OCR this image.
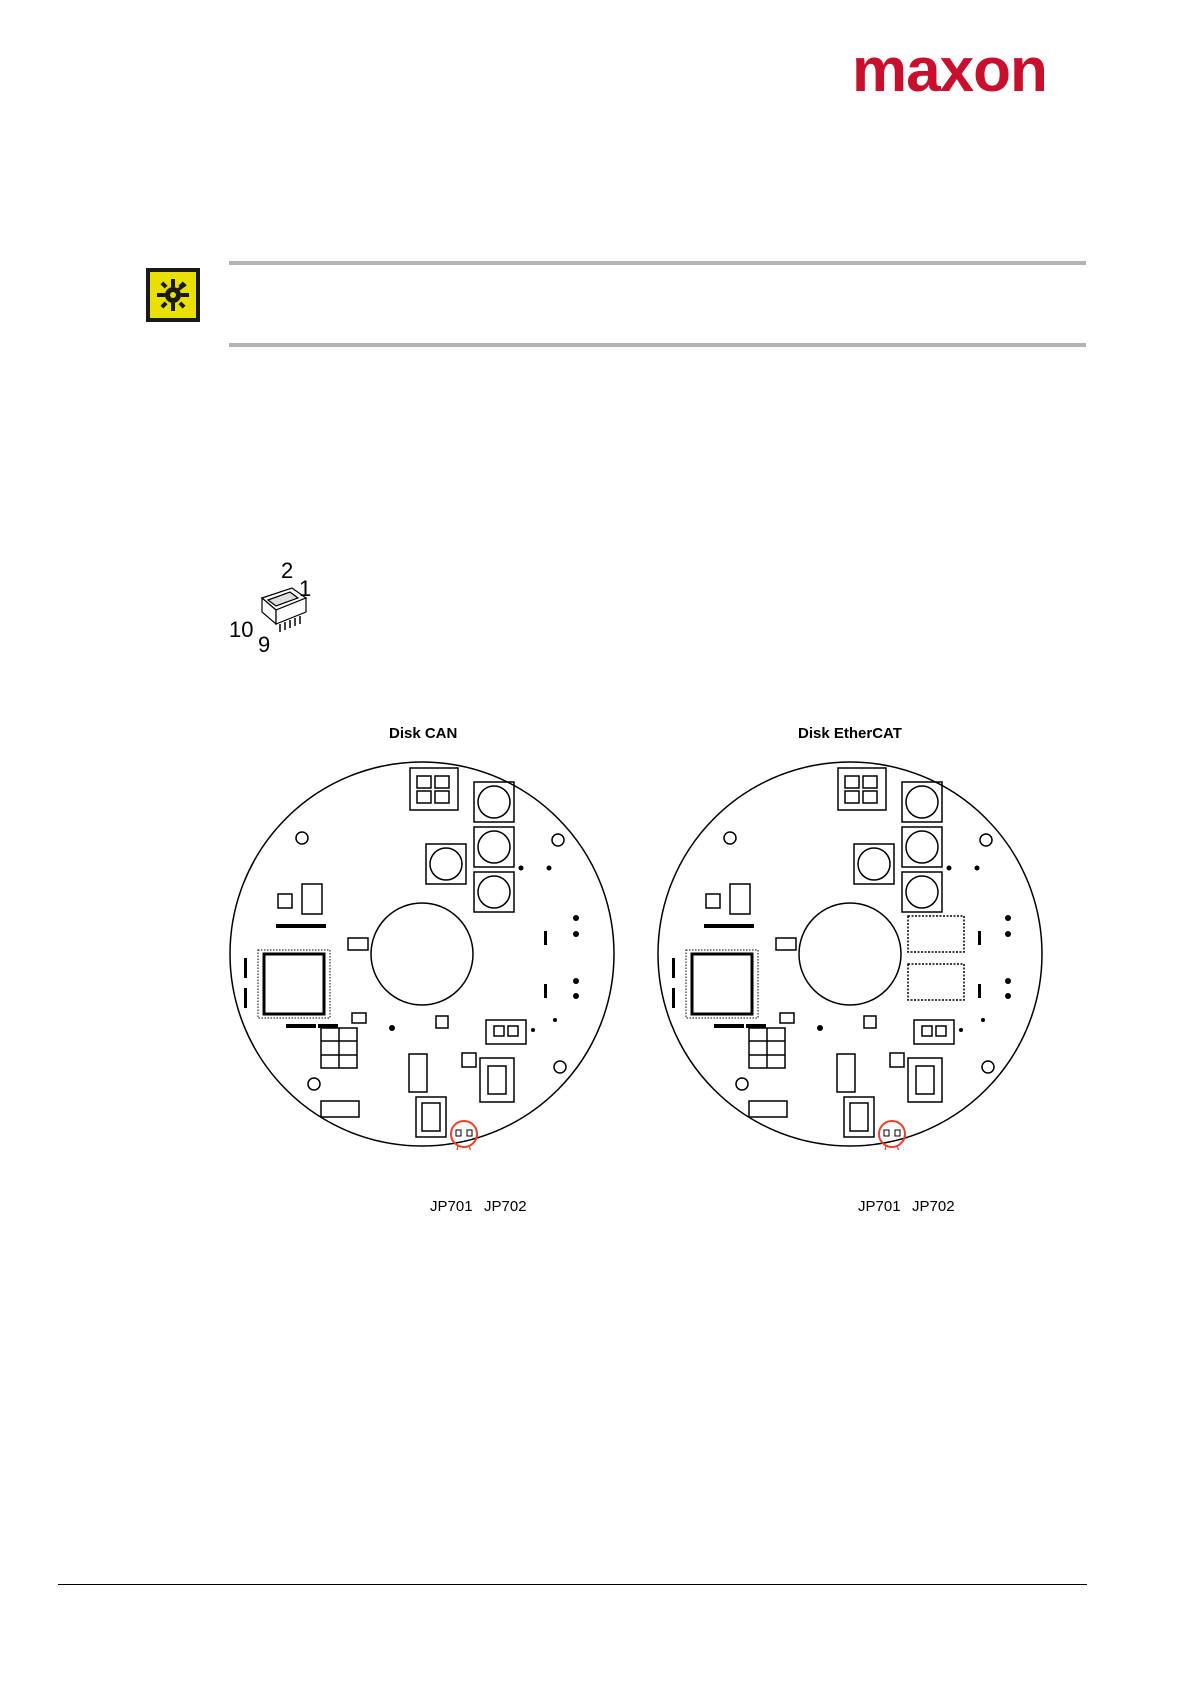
maxon
2
1
10
9
Disk CAN	Disk EtherCAT
JP701 JP702	JP701 JP702
